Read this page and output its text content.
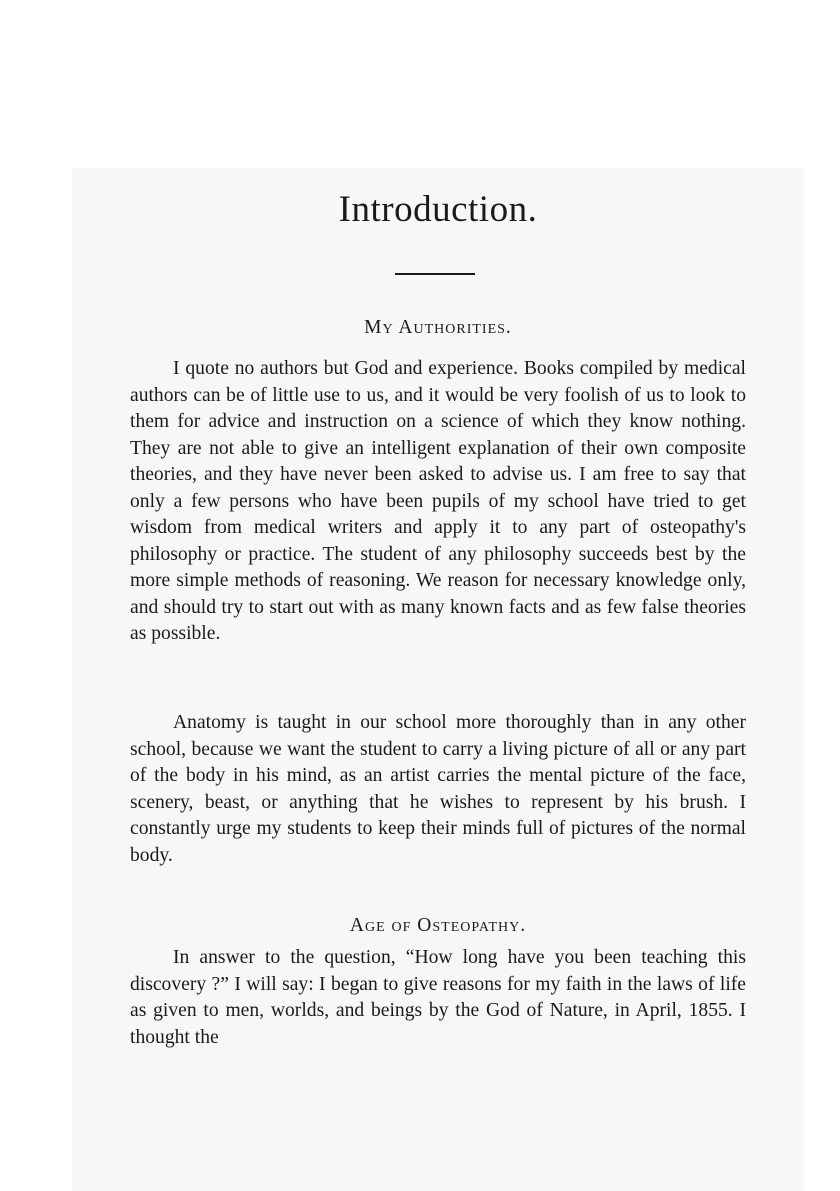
Introduction.
My Authorities.

I quote no authors but God and experience. Books compiled by medical authors can be of little use to us, and it would be very foolish of us to look to them for advice and instruction on a science of which they know nothing. They are not able to give an intelligent explanation of their own composite theories, and they have never been asked to advise us. I am free to say that only a few persons who have been pupils of my school have tried to get wisdom from medical writers and apply it to any part of osteopathy's philosophy or practice. The student of any philosophy succeeds best by the more simple methods of reasoning. We reason for necessary knowledge only, and should try to start out with as many known facts and as few false theories as possible.

Anatomy is taught in our school more thoroughly than in any other school, because we want the student to carry a living picture of all or any part of the body in his mind, as an artist carries the mental picture of the face, scenery, beast, or anything that he wishes to represent by his brush. I constantly urge my students to keep their minds full of pictures of the normal body.

Age of Osteopathy.

In answer to the question, “How long have you been teaching this discovery ?” I will say: I began to give reasons for my faith in the laws of life as given to men, worlds, and beings by the God of Nature, in April, 1855. I thought the
